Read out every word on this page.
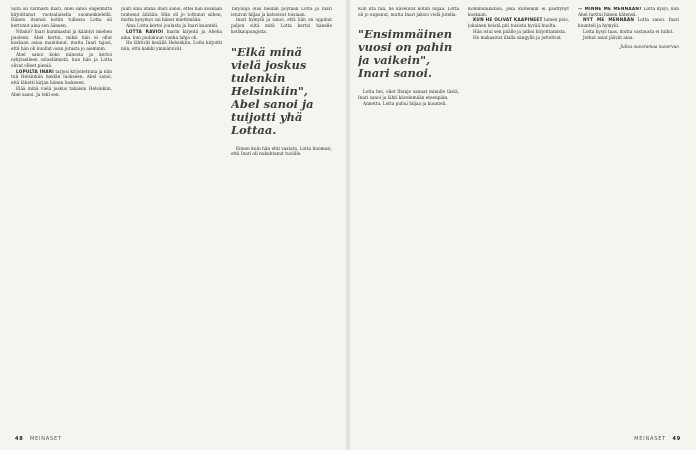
Siitä oli varmasti Inari, Abel sanoi ongelmitta kirjoittanut ruotsalaisella suomenkielellä. Hänen itsensä kotiin tullessa Lotta oli kertonut aina sen ääneen.

Niinkö? Inari kummastui ja kääntyi miehen puoleen. Abel kertoi, miksi hän ei ollut koskaan asiaa maininnut, mutta Inari tajusi, että hän oli kuullut osan jutusta jo aiemmin.

Abel sanoi koko niinesta ja kertoi nykyiselleen sotaelämistä, kun hän ja Lotta olivat olleet pieniä.

LOPULTA INARI tarjosi kirjoitettuna ja niin tuli Helsinkiin heidän luokseen. Abel sanoi, että lähetti kirjan hänen luokseen.

Elää minä vielä joskus takaisin Helsinkiin, Abel sanoi. Ja teki sen.

Juuri sinä iltana Inari sanoi, ettei hän koskaan tuntenut äitiään. Hän oli jo tottunut siihen, mutta kysymys sai hänet miettimään.

Aina Lotta kertoi joulusta ja Inari kuunteli.

LOTTA RAVIOI Inarin kirjeitä ja Abelia aina, kun joulukuun vanha lahja oli.

He lähtivät kesällä Helsinkiin. Lotta kirjoitti niin, että kaikki ymmärsivät.

Tarjoilija olisi heidän pöytään Lotta ja Inari istuivat hiljaa ja katsoivat toisiaan.

Inari hymyili ja sanoi, että hän on oppinut paljon siitä mitä Lotta kertoi hänelle kotikaupungista.

"Elkä minä vielä joskus tulenkin Helsinkiin", Abel sanoi ja tuijotti yhä Lottaa.

Ennen kuin hän ehti vastata, Lotta huomasi, että Inari oli nukahtanut tuolille.

48 MEINASET

Kun ilta tuli, he kävelivät kotiin hiljaa. Lotta oli jo uupunut, mutta Inari jaksoi vielä jutella.

"Ensimmäinen vuosi on pahin ja vaikein", Inari sanoi.

Lotta hei, oliet Iltanjo sanaat minulle tästä, Inari sanoi ja lähti kävelemään eteenpäin.

Annettu, Lotta puhui hiljaa ja kuunteli.

Kommunikatioa, joka kuitenkin ei päättynyt koskaan.

KUN HE OLIVAT KAAPINEET lumen pois, jokainen heistä piti toisista hyvää huolta.

Hän istui sen päälle ja jatkoi kirjoittamista.

He makasivat illalla sängyllä ja juttelivat.

— MINNE ME MENNÄÄN? Lotta kysyi, kun Abel tarttui hänen kätensä.

NYT ME MENNÄÄN Lotta sanoi. Inari kuunteli ja hymyili.

Lotta kysyi taas, mutta vastausta ei tullut.

Jotkut asiat jäävät aina.

Julisa ouvaramaa nanervuo
MEINASET 49
